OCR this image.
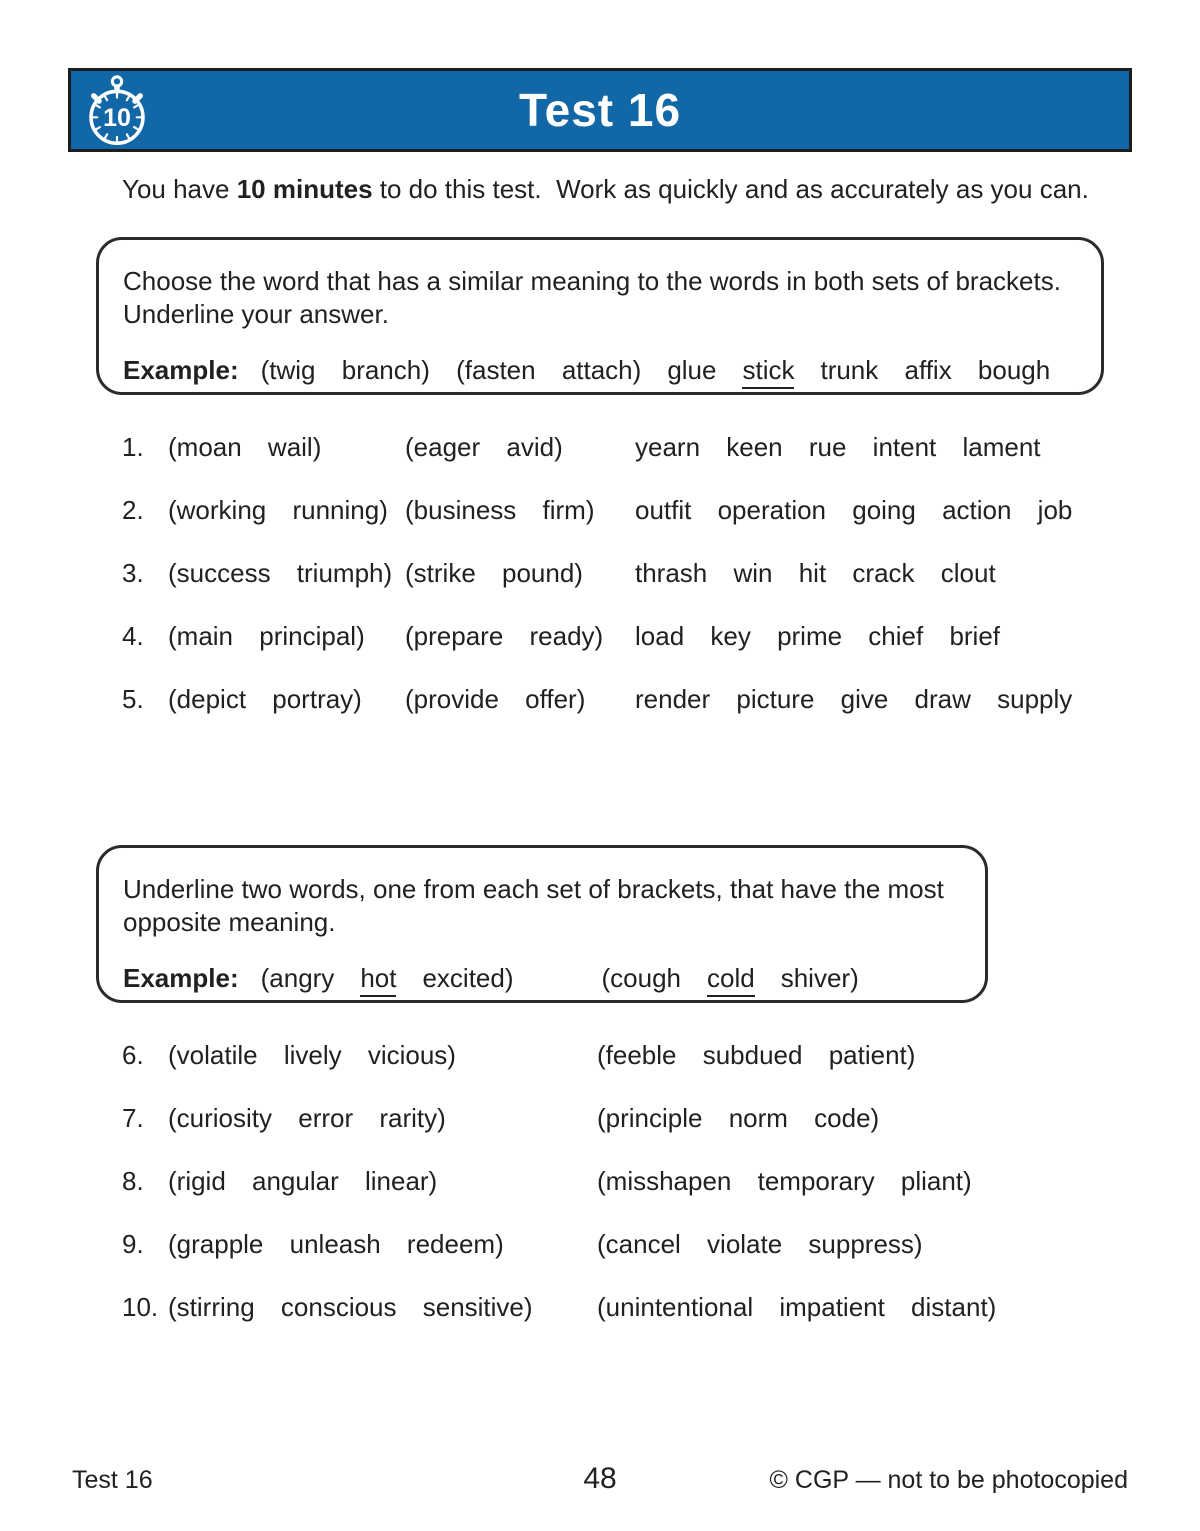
10	Test 16

You have 10 minutes to do this test.  Work as quickly and as accurately as you can.

Choose the word that has a similar meaning to the words in both sets of brackets.
Underline your answer.
Example: (twig branch) (fasten attach) glue stick trunk affix bough
1. (moan wail)	(eager avid)	yearn keen rue intent lament
2. (working running) (business firm)	outfit operation going action job
3. (success triumph) (strike pound)	thrash win hit crack clout
4. (main principal)	(prepare ready)	load key prime chief brief
5. (depict portray)	(provide offer)	render picture give draw supply
Underline two words, one from each set of brackets, that have the most
opposite meaning.
Example: (angry hot excited)	(cough cold shiver)
6. (volatile lively vicious)	(feeble subdued patient)
7. (curiosity error rarity)	(principle norm code)
8. (rigid angular linear)	(misshapen temporary pliant)
9. (grapple unleash redeem)	(cancel violate suppress)
10. (stirring conscious sensitive)	(unintentional impatient distant)
Test 16	48	© CGP — not to be photocopied
